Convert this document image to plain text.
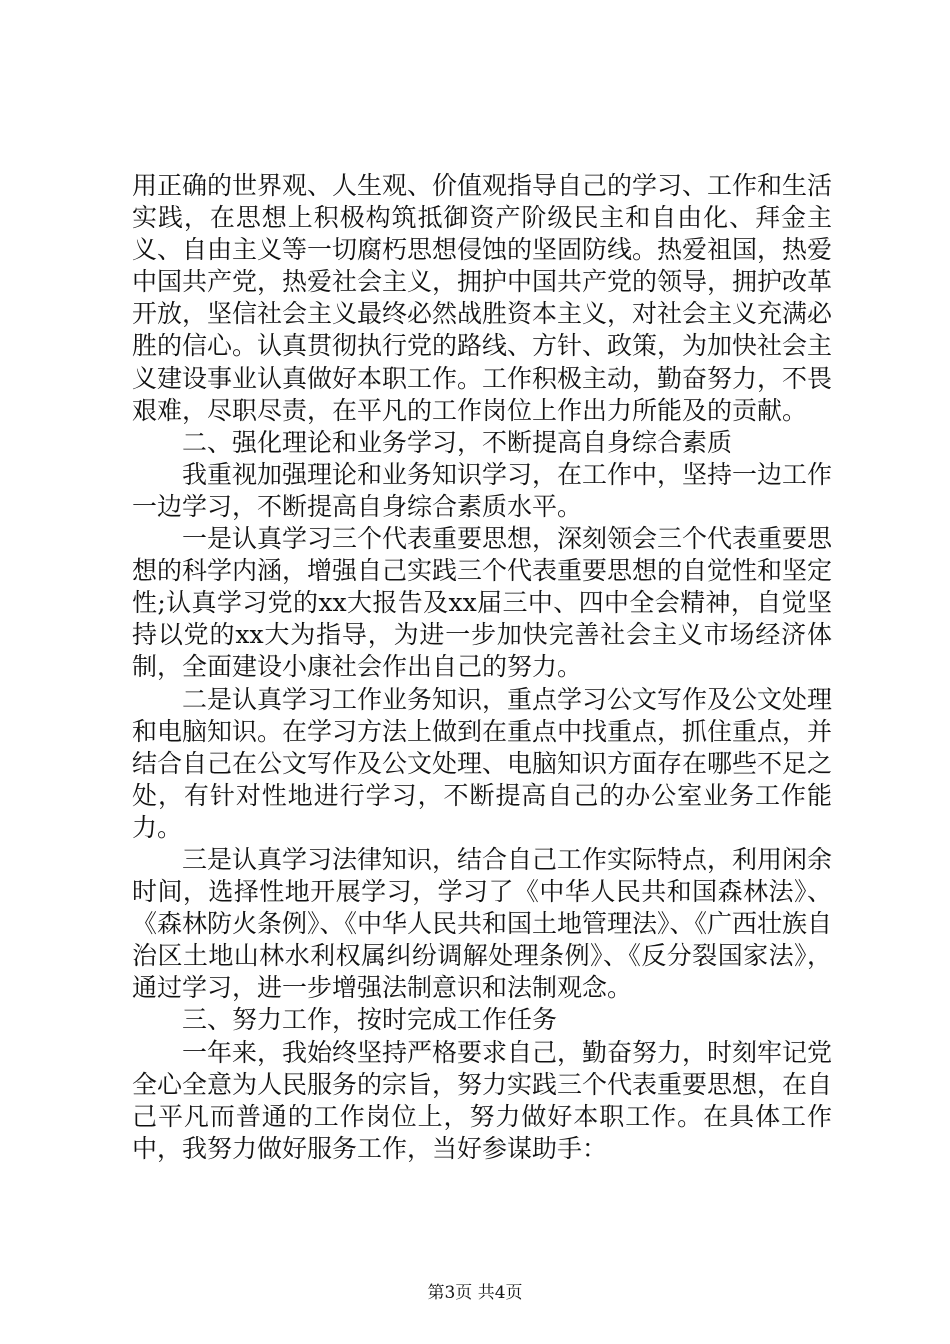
用正确的世界观、人生观、价值观指导自己的学习、工作和生活实践，在思想上积极构筑抵御资产阶级民主和自由化、拜金主义、自由主义等一切腐朽思想侵蚀的坚固防线。热爱祖国，热爱中国共产党，热爱社会主义，拥护中国共产党的领导，拥护改革开放，坚信社会主义最终必然战胜资本主义，对社会主义充满必胜的信心。认真贯彻执行党的路线、方针、政策，为加快社会主义建设事业认真做好本职工作。工作积极主动，勤奋努力，不畏艰难，尽职尽责，在平凡的工作岗位上作出力所能及的贡献。

二、强化理论和业务学习，不断提高自身综合素质

我重视加强理论和业务知识学习，在工作中，坚持一边工作一边学习，不断提高自身综合素质水平。

一是认真学习三个代表重要思想，深刻领会三个代表重要思想的科学内涵，增强自己实践三个代表重要思想的自觉性和坚定性;认真学习党的xx大报告及xx届三中、四中全会精神，自觉坚持以党的xx大为指导，为进一步加快完善社会主义市场经济体制，全面建设小康社会作出自己的努力。

二是认真学习工作业务知识，重点学习公文写作及公文处理和电脑知识。在学习方法上做到在重点中找重点，抓住重点，并结合自己在公文写作及公文处理、电脑知识方面存在哪些不足之处，有针对性地进行学习，不断提高自己的办公室业务工作能力。

三是认真学习法律知识，结合自己工作实际特点，利用闲余时间，选择性地开展学习，学习了《中华人民共和国森林法》、《森林防火条例》、《中华人民共和国土地管理法》、《广西壮族自治区土地山林水利权属纠纷调解处理条例》、《反分裂国家法》，通过学习，进一步增强法制意识和法制观念。

三、努力工作，按时完成工作任务

一年来，我始终坚持严格要求自己，勤奋努力，时刻牢记党全心全意为人民服务的宗旨，努力实践三个代表重要思想，在自己平凡而普通的工作岗位上，努力做好本职工作。在具体工作中，我努力做好服务工作，当好参谋助手：

第3页 共4页
